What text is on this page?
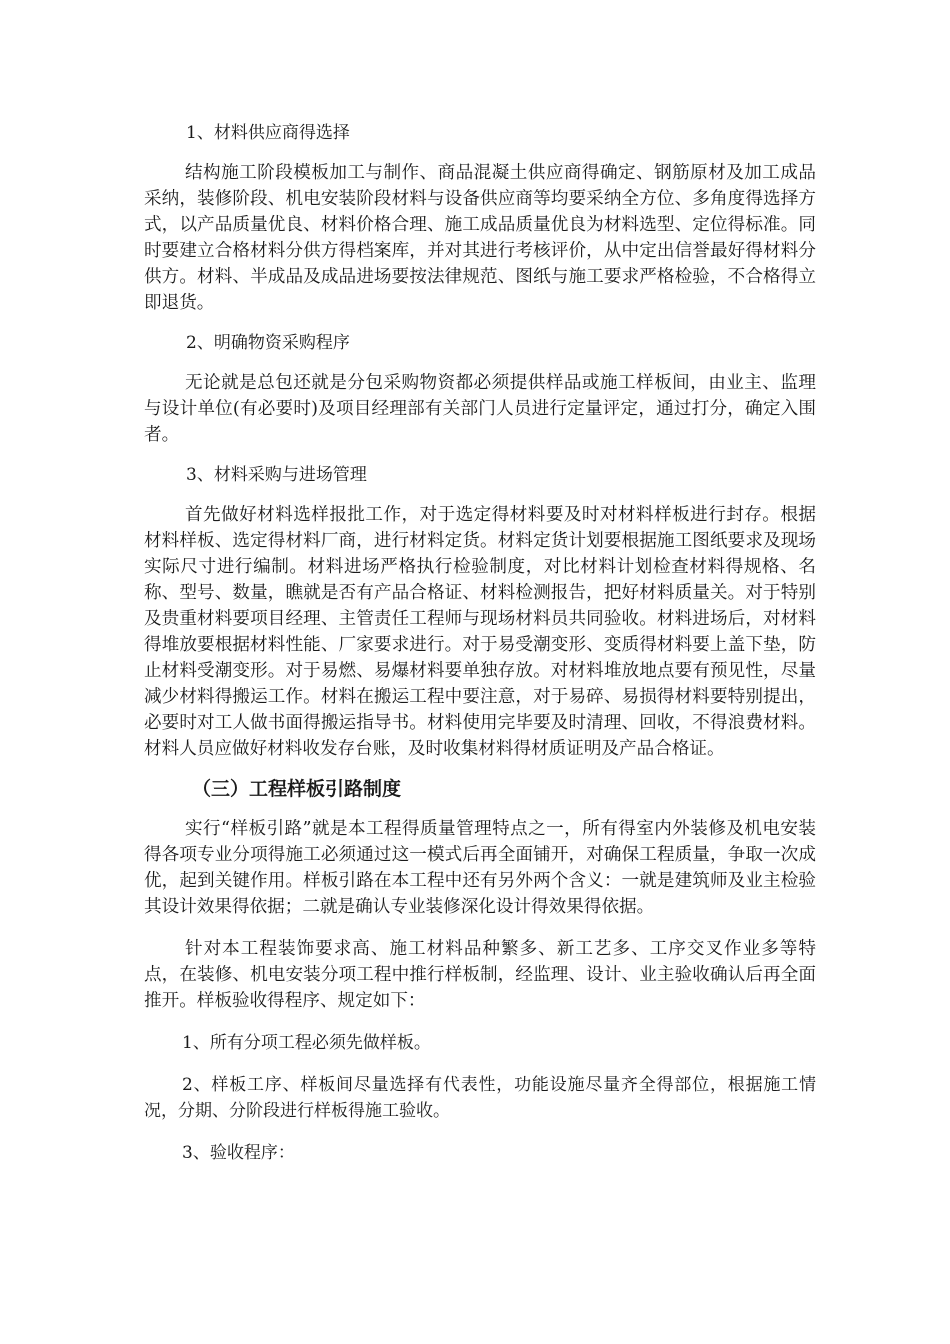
1、材料供应商得选择

结构施工阶段模板加工与制作、商品混凝土供应商得确定、钢筋原材及加工成品采纳，装修阶段、机电安装阶段材料与设备供应商等均要采纳全方位、多角度得选择方式，以产品质量优良、材料价格合理、施工成品质量优良为材料选型、定位得标准。同时要建立合格材料分供方得档案库，并对其进行考核评价，从中定出信誉最好得材料分供方。材料、半成品及成品进场要按法律规范、图纸与施工要求严格检验，不合格得立即退货。

2、明确物资采购程序

无论就是总包还就是分包采购物资都必须提供样品或施工样板间，由业主、监理与设计单位(有必要时)及项目经理部有关部门人员进行定量评定，通过打分，确定入围者。

3、材料采购与进场管理

首先做好材料选样报批工作，对于选定得材料要及时对材料样板进行封存。根据材料样板、选定得材料厂商，进行材料定货。材料定货计划要根据施工图纸要求及现场实际尺寸进行编制。材料进场严格执行检验制度，对比材料计划检查材料得规格、名称、型号、数量，瞧就是否有产品合格证、材料检测报告，把好材料质量关。对于特别及贵重材料要项目经理、主管责任工程师与现场材料员共同验收。材料进场后，对材料得堆放要根据材料性能、厂家要求进行。对于易受潮变形、变质得材料要上盖下垫，防止材料受潮变形。对于易燃、易爆材料要单独存放。对材料堆放地点要有预见性，尽量减少材料得搬运工作。材料在搬运工程中要注意，对于易碎、易损得材料要特别提出，必要时对工人做书面得搬运指导书。材料使用完毕要及时清理、回收，不得浪费材料。材料人员应做好材料收发存台账，及时收集材料得材质证明及产品合格证。

（三）工程样板引路制度

实行“样板引路”就是本工程得质量管理特点之一，所有得室内外装修及机电安装得各项专业分项得施工必须通过这一模式后再全面铺开，对确保工程质量，争取一次成优，起到关键作用。样板引路在本工程中还有另外两个含义：一就是建筑师及业主检验其设计效果得依据；二就是确认专业装修深化设计得效果得依据。

针对本工程装饰要求高、施工材料品种繁多、新工艺多、工序交叉作业多等特点，在装修、机电安装分项工程中推行样板制，经监理、设计、业主验收确认后再全面推开。样板验收得程序、规定如下：

1、所有分项工程必须先做样板。

2、样板工序、样板间尽量选择有代表性，功能设施尽量齐全得部位，根据施工情况，分期、分阶段进行样板得施工验收。

3、验收程序：
